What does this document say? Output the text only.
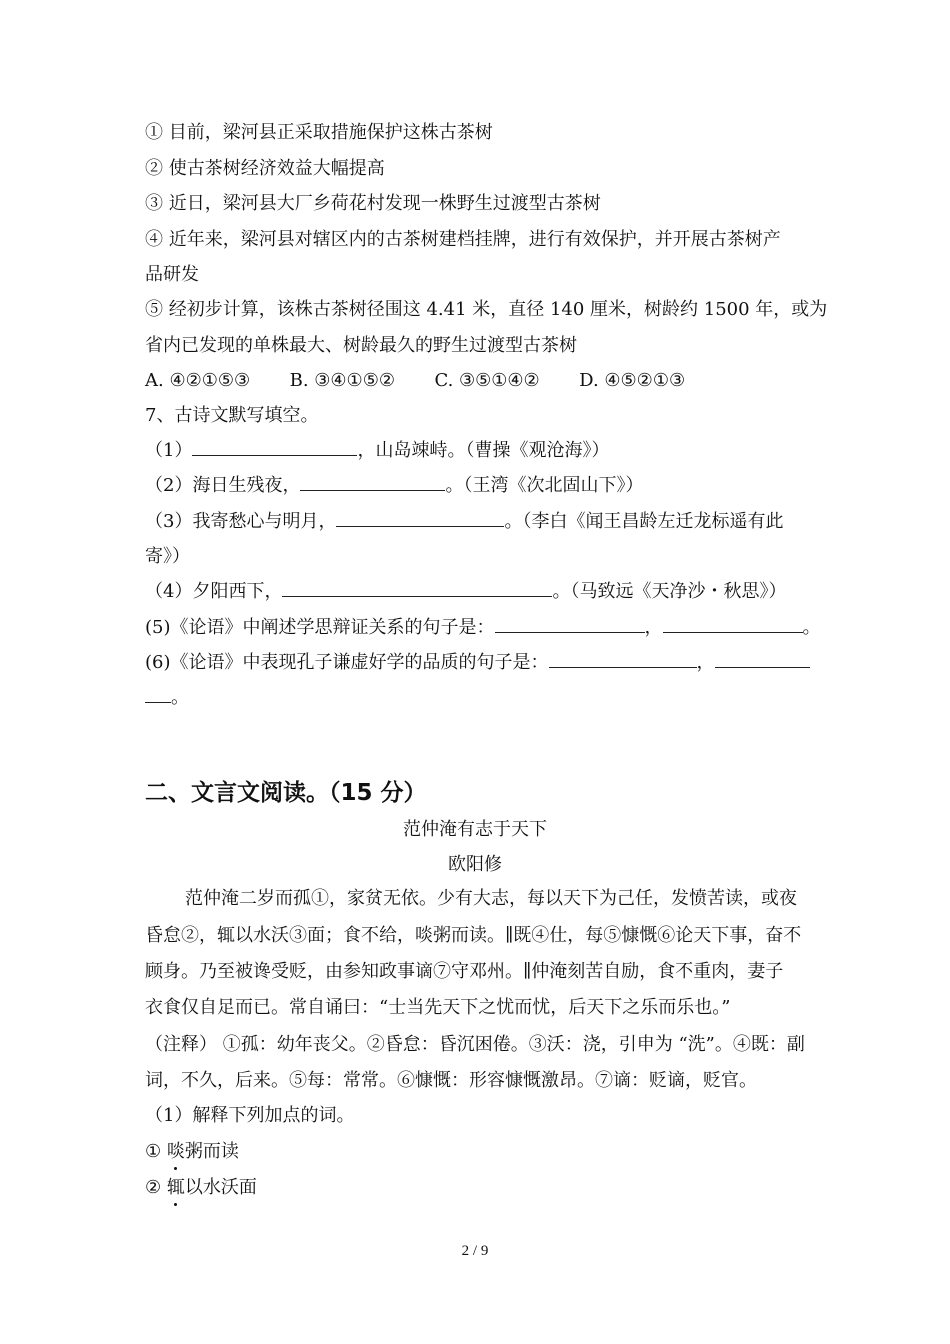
① 目前，梁河县正采取措施保护这株古茶树
② 使古茶树经济效益大幅提高
③ 近日，梁河县大厂乡荷花村发现一株野生过渡型古茶树
④ 近年来，梁河县对辖区内的古茶树建档挂牌，进行有效保护，并开展古茶树产
品研发
⑤ 经初步计算，该株古茶树径围这 4.41 米，直径 140 厘米，树龄约 1500 年，或为
省内已发现的单株最大、树龄最久的野生过渡型古茶树
A. ④②①⑤③ B. ③④①⑤② C. ③⑤①④② D. ④⑤②①③
7、古诗文默写填空。
（1）	，山岛竦峙。（曹操《观沧海》）
（2）海日生残夜，	。（王湾《次北固山下》）
（3）我寄愁心与明月，	。（李白《闻王昌龄左迁龙标遥有此
寄》）
（4）夕阳西下，	。（马致远《天净沙・秋思》）
(5)《论语》中阐述学思辩证关系的句子是：	，	。
(6)《论语》中表现孔子谦虚好学的品质的句子是：	，
。
二、文言文阅读。（15 分）
范仲淹有志于天下
欧阳修
范仲淹二岁而孤①，家贫无依。少有大志，每以天下为己任，发愤苦读，或夜
昏怠②，辄以水沃③面；食不给，啖粥而读。∥既④仕，每⑤慷慨⑥论天下事，奋不
顾身。乃至被谗受贬，由参知政事谪⑦守邓州。∥仲淹刻苦自励，食不重肉，妻子
衣食仅自足而已。常自诵曰：“士当先天下之忧而忧，后天下之乐而乐也。”
（注释） ①孤：幼年丧父。②昏怠：昏沉困倦。③沃：浇，引申为 “洗”。④既：副
词，不久，后来。⑤每：常常。⑥慷慨：形容慷慨激昂。⑦谪：贬谪，贬官。
（1）解释下列加点的词。
① 啖粥而读
② 辄以水沃面
2 / 9
